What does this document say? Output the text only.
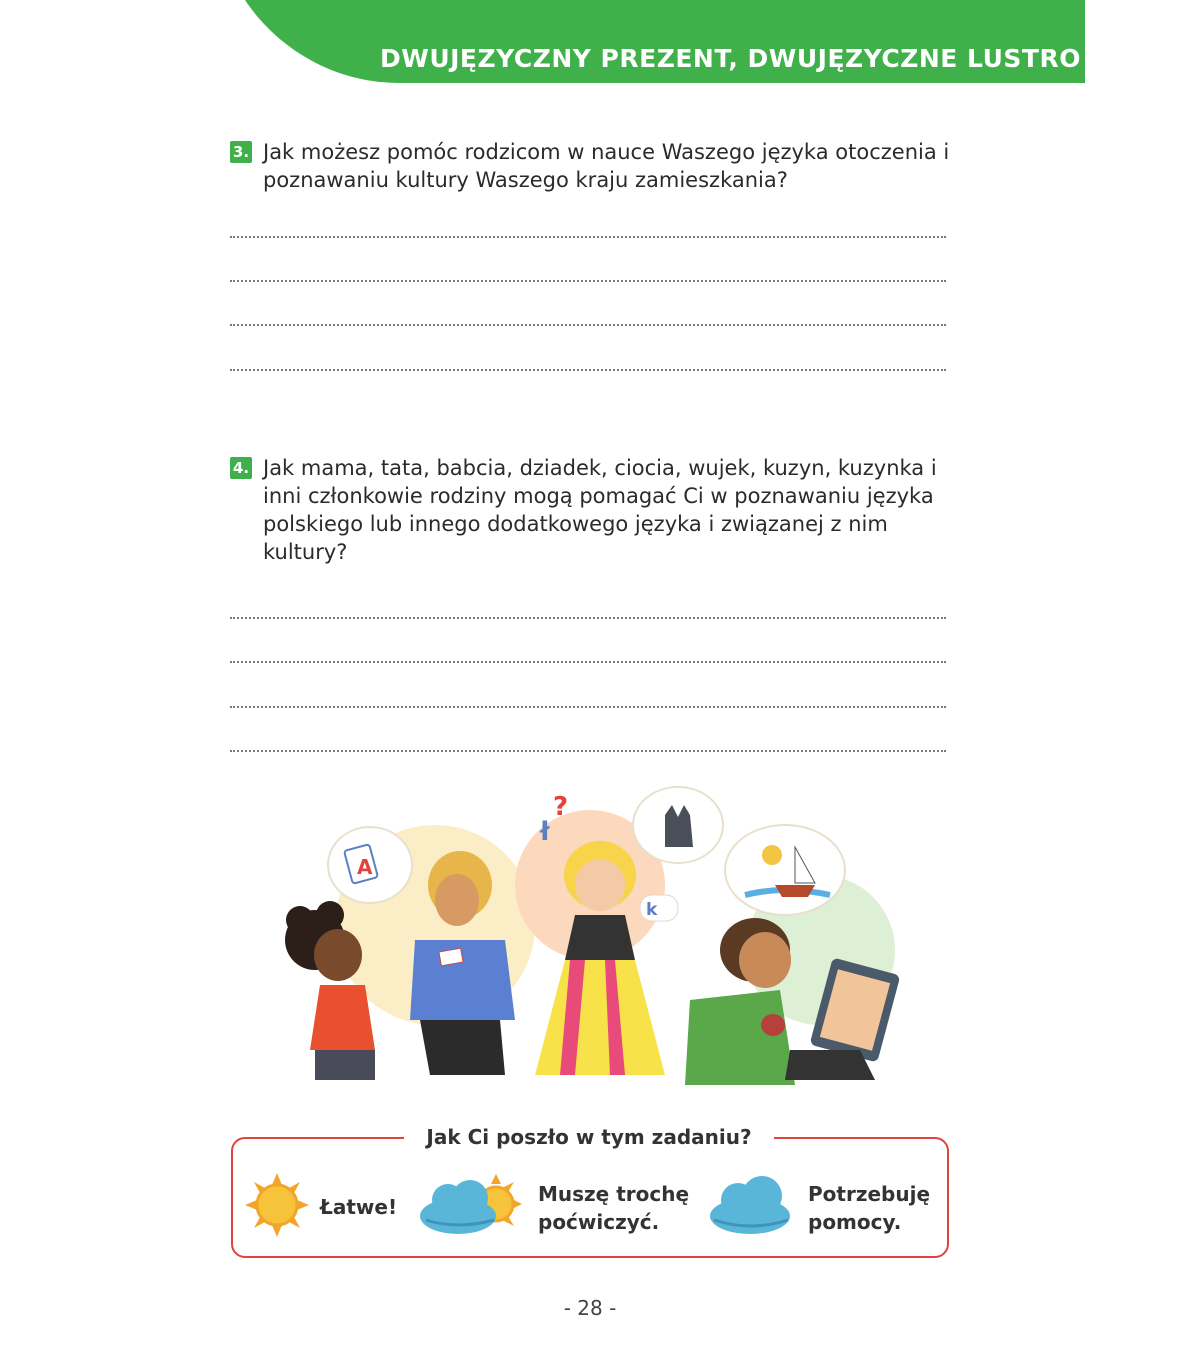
DWUJĘZYCZNY PREZENT, DWUJĘZYCZNE LUSTRO
3. Jak możesz pomóc rodzicom w nauce Waszego języka otoczenia i poznawaniu kultury Waszego kraju zamieszkania?
4. Jak mama, tata, babcia, dziadek, ciocia, wujek, kuzyn, kuzynka i inni członkowie rodziny mogą pomagać Ci w poznawaniu języka polskiego lub innego dodatkowego języka i związanej z nim kultury?
A
ł
?
k
Jak Ci poszło w tym zadaniu?
Łatwe!
Muszę trochę
poćwiczyć.
Potrzebuję
pomocy.
- 28 -
